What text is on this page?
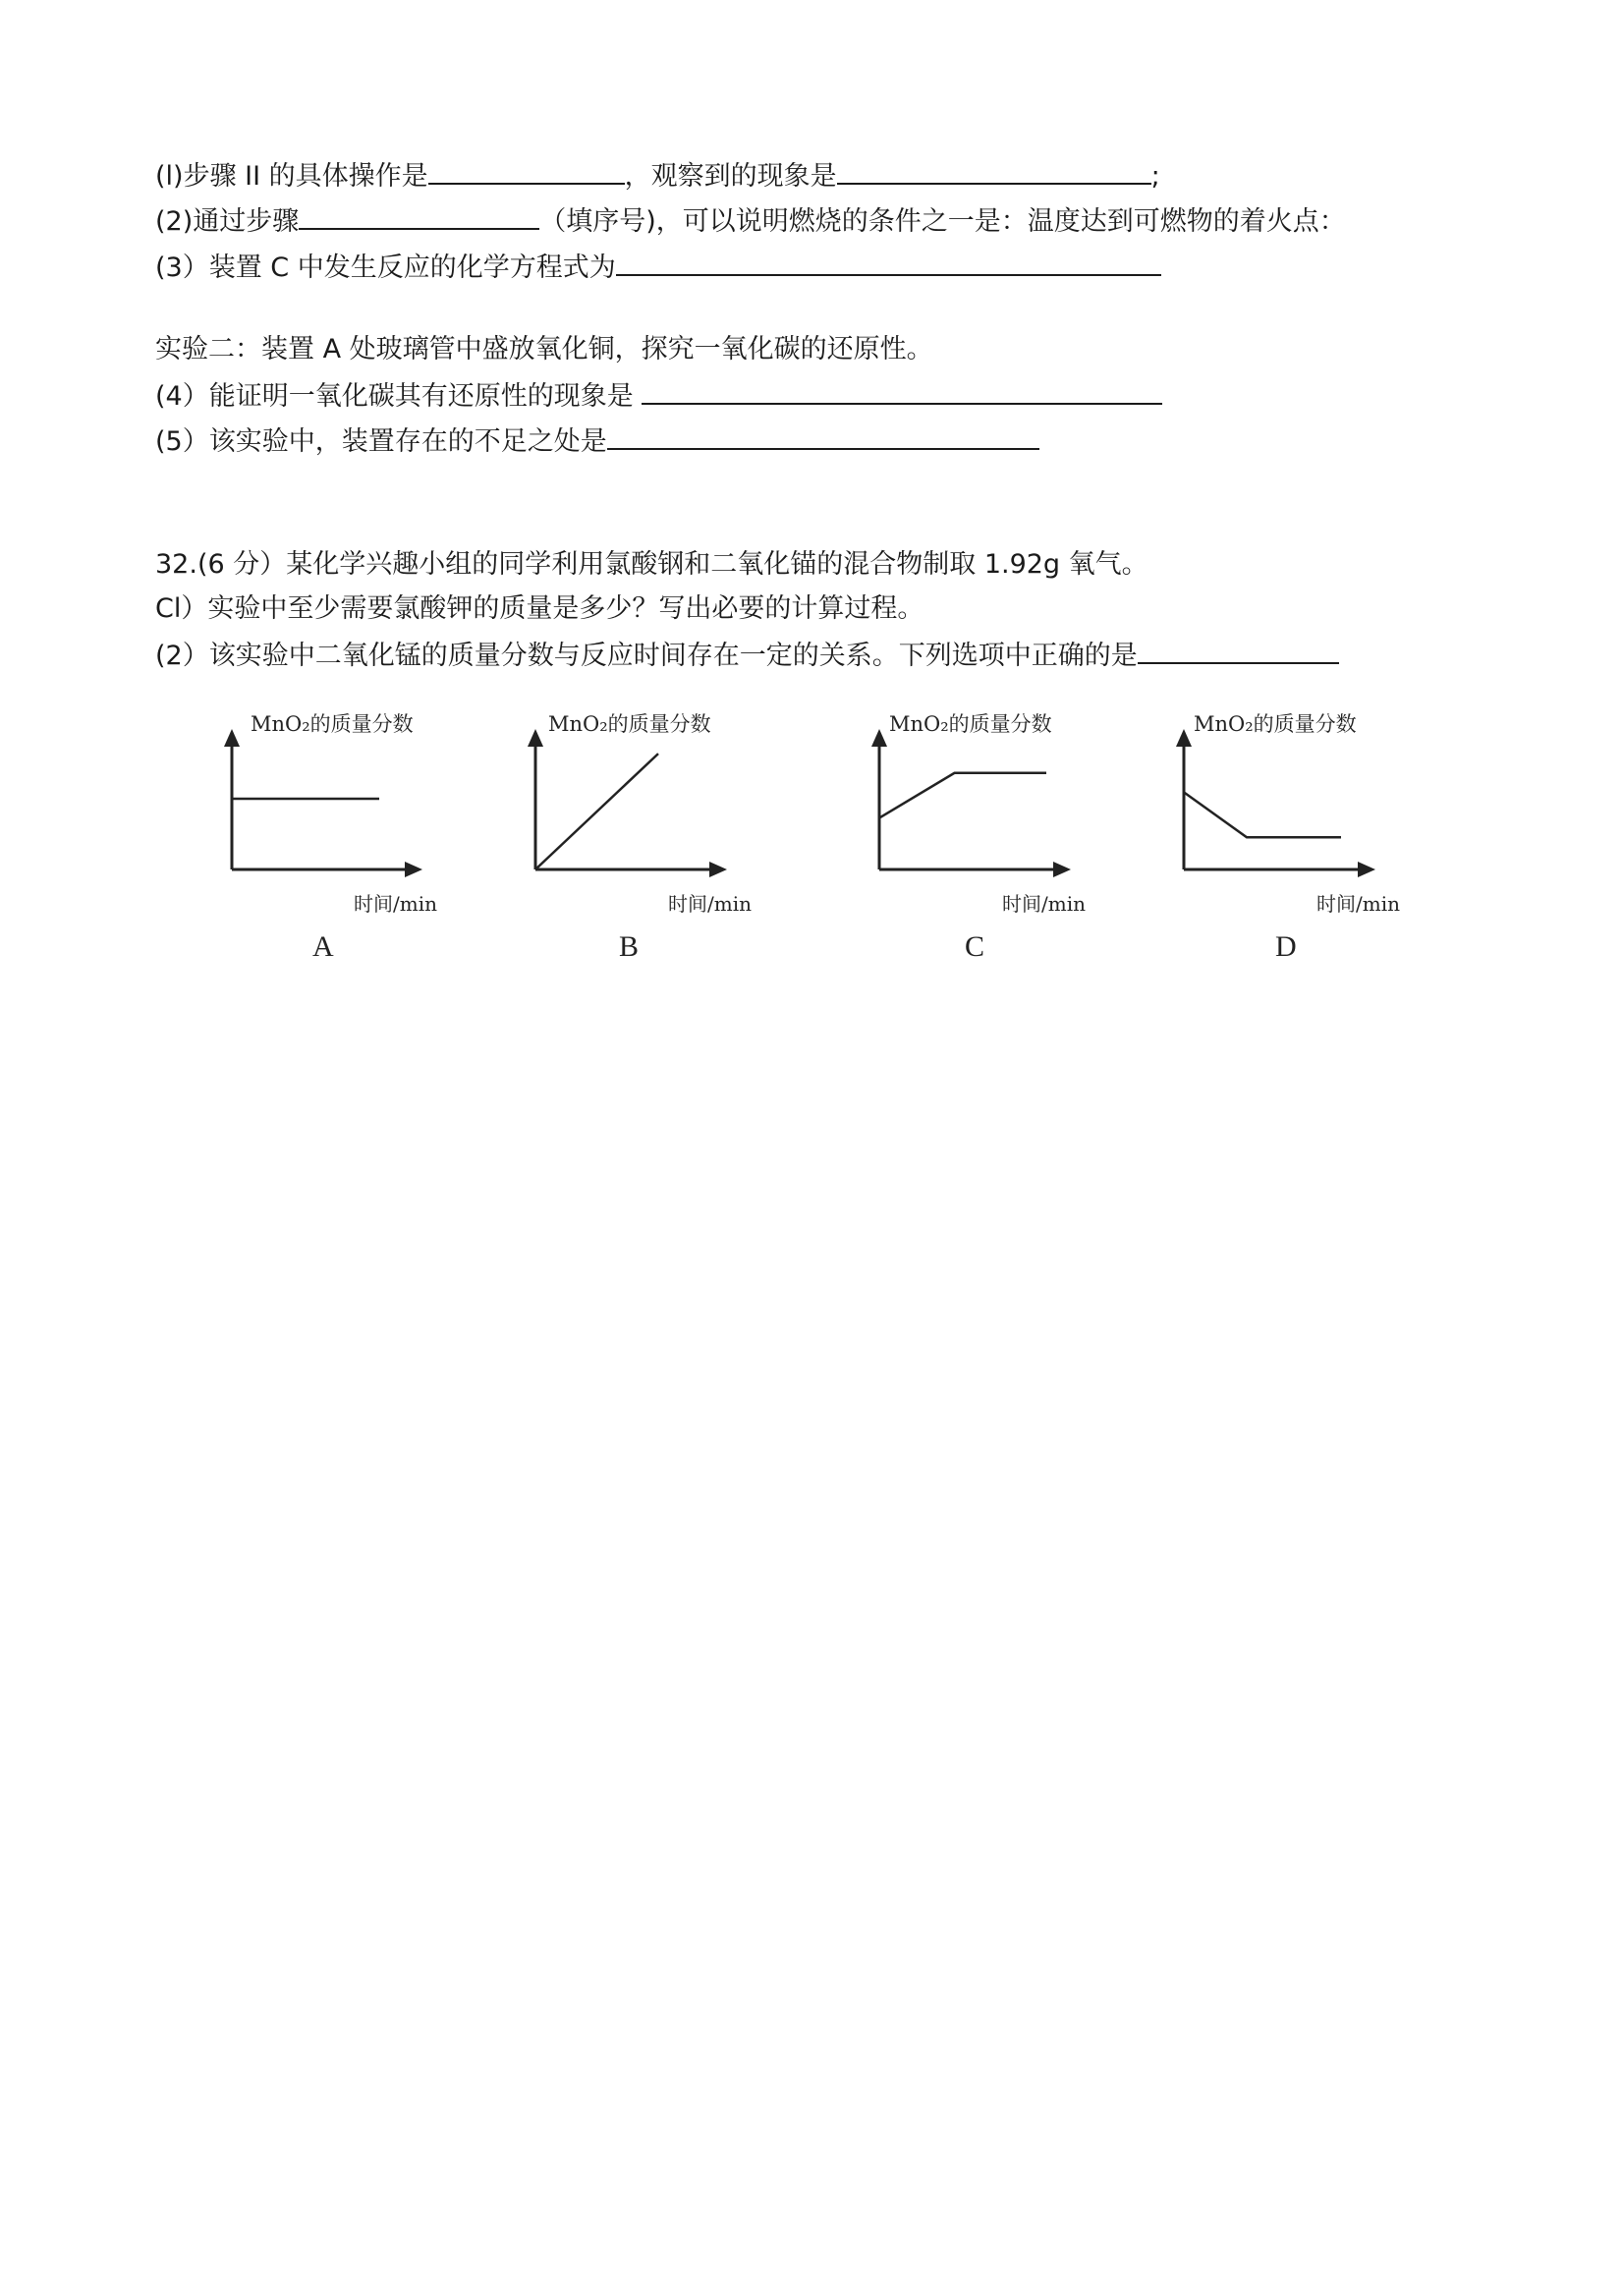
(l)步骤 II 的具体操作是	，观察到的现象是	;
(2)通过步骤	（填序号)，可以说明燃烧的条件之一是：温度达到可燃物的着火点：
(3）装置 C 中发生反应的化学方程式为
实验二：装置 A 处玻璃管中盛放氧化铜，探究一氧化碳的还原性。
(4）能证明一氧化碳其有还原性的现象是
(5）该实验中，装置存在的不足之处是
32.(6 分）某化学兴趣小组的同学利用氯酸钢和二氧化锚的混合物制取 1.92g 氧气。
Cl）实验中至少需要氯酸钾的质量是多少？写出必要的计算过程。
(2）该实验中二氧化锰的质量分数与反应时间存在一定的关系。下列选项中正确的是
MnO₂的质量分数
时间/min
A
MnO₂的质量分数
时间/min
B
MnO₂的质量分数
时间/min
C
MnO₂的质量分数
时间/min
D
